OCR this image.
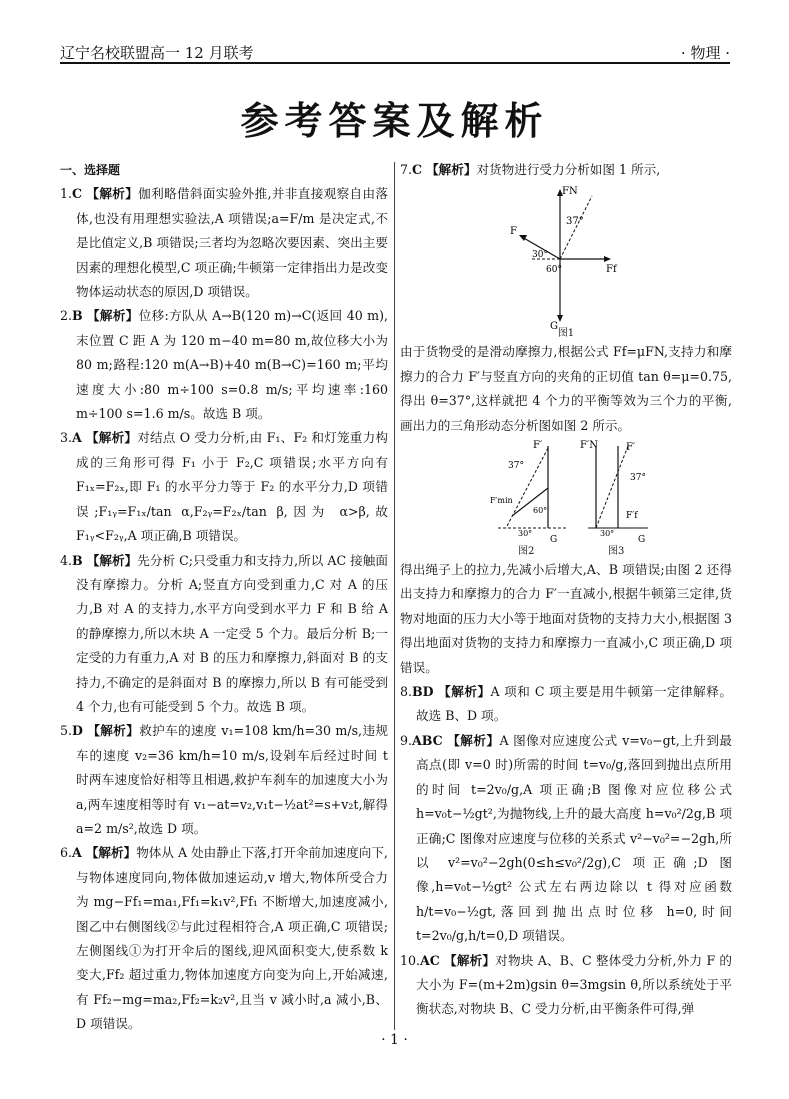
辽宁名校联盟高一 12 月联考	· 物理 ·
参考答案及解析
一、选择题
1.C 【解析】伽利略借斜面实验外推,并非直接观察自由落体,也没有用理想实验法,A 项错误;a=F/m 是决定式,不是比值定义,B 项错误;三者均为忽略次要因素、突出主要因素的理想化模型,C 项正确;牛顿第一定律指出力是改变物体运动状态的原因,D 项错误。
2.B 【解析】位移:方队从 A→B(120 m)→C(返回 40 m),末位置 C 距 A 为 120 m−40 m=80 m,故位移大小为 80 m;路程:120 m(A→B)+40 m(B→C)=160 m;平均速度大小:80 m÷100 s=0.8 m/s;平均速率:160 m÷100 s=1.6 m/s。故选 B 项。
3.A 【解析】对结点 O 受力分析,由 F₁、F₂ 和灯笼重力构成的三角形可得 F₁ 小于 F₂,C 项错误;水平方向有 F₁ₓ=F₂ₓ,即 F₁ 的水平分力等于 F₂ 的水平分力,D 项错误;F₁ᵧ=F₁ₓ/tan α,F₂ᵧ=F₂ₓ/tan β,因为 α>β,故 F₁ᵧ<F₂ᵧ,A 项正确,B 项错误。
4.B 【解析】先分析 C;只受重力和支持力,所以 AC 接触面没有摩擦力。分析 A;竖直方向受到重力,C 对 A 的压力,B 对 A 的支持力,水平方向受到水平力 F 和 B 给 A 的静摩擦力,所以木块 A 一定受 5 个力。最后分析 B;一定受的力有重力,A 对 B 的压力和摩擦力,斜面对 B 的支持力,不确定的是斜面对 B 的摩擦力,所以 B 有可能受到 4 个力,也有可能受到 5 个力。故选 B 项。
5.D 【解析】救护车的速度 v₁=108 km/h=30 m/s,违规车的速度 v₂=36 km/h=10 m/s,设剁车后经过时间 t 时两车速度恰好相等且相遇,救护车刹车的加速度大小为 a,两车速度相等时有 v₁−at=v₂,v₁t−½at²=s+v₂t,解得 a=2 m/s²,故选 D 项。
6.A 【解析】物体从 A 处由静止下落,打开伞前加速度向下,与物体速度同向,物体做加速运动,v 增大,物体所受合力为 mg−Ff₁=ma₁,Ff₁=k₁v²,Ff₁ 不断增大,加速度减小,图乙中右侧图线②与此过程相符合,A 项正确,C 项错误;左侧图线①为打开伞后的图线,迎风面积变大,使系数 k 变大,Ff₂ 超过重力,物体加速度方向变为向上,开始减速,有 Ff₂−mg=ma₂,Ff₂=k₂v²,且当 v 减小时,a 减小,B、D 项错误。
7.C 【解析】对货物进行受力分析如图 1 所示,
FN
F
37°
30°
60°	Ff
G
图1
由于货物受的是滑动摩擦力,根据公式 Ff=μFN,支持力和摩擦力的合力 F′与竖直方向的夹角的正切值 tan θ=μ=0.75,得出 θ=37°,这样就把 4 个力的平衡等效为三个力的平衡,画出力的三角形动态分析图如图 2 所示。
F′
37°
F′min
60°
30°
G
F′N	F′
37°
F′f
30°
G
图2	图3
得出绳子上的拉力,先减小后增大,A、B 项错误;由图 2 还得出支持力和摩擦力的合力 F′一直减小,根据牛顿第三定律,货物对地面的压力大小等于地面对货物的支持力大小,根据图 3 得出地面对货物的支持力和摩擦力一直减小,C 项正确,D 项错误。
8.BD 【解析】A 项和 C 项主要是用牛顿第一定律解释。故选 B、D 项。
9.ABC 【解析】A 图像对应速度公式 v=v₀−gt,上升到最高点(即 v=0 时)所需的时间 t=v₀/g,落回到抛出点所用的时间 t=2v₀/g,A 项正确;B 图像对应位移公式 h=v₀t−½gt²,为抛物线,上升的最大高度 h=v₀²/2g,B 项正确;C 图像对应速度与位移的关系式 v²−v₀²=−2gh,所以 v²=v₀²−2gh(0≤h≤v₀²/2g),C 项正确;D 图像,h=v₀t−½gt² 公式左右两边除以 t 得对应函数 h/t=v₀−½gt,落回到抛出点时位移 h=0,时间 t=2v₀/g,h/t=0,D 项错误。
10.AC 【解析】对物块 A、B、C 整体受力分析,外力 F 的大小为 F=(m+2m)gsin θ=3mgsin θ,所以系统处于平衡状态,对物块 B、C 受力分析,由平衡条件可得,弹
· 1 ·
